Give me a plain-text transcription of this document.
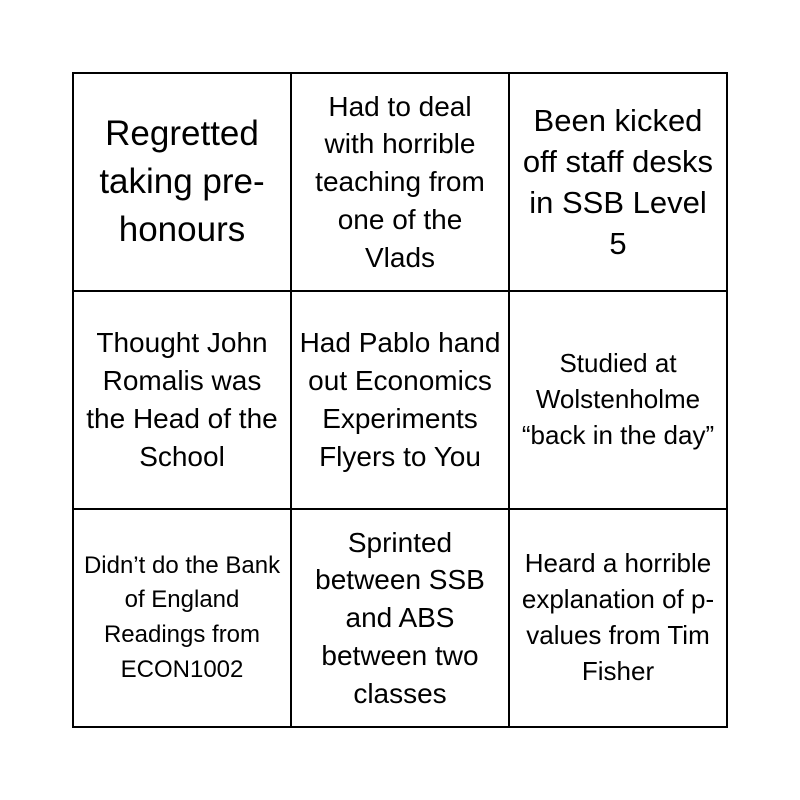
Regretted taking pre-honours
Had to deal with horrible teaching from one of the Vlads
Been kicked off staff desks in SSB Level 5
Thought John Romalis was the Head of the School
Had Pablo hand out Economics Experiments Flyers to You
Studied at Wolstenholme “back in the day”
Didn’t do the Bank of England Readings from ECON1002
Sprinted between SSB and ABS between two classes
Heard a horrible explanation of p-values from Tim Fisher
